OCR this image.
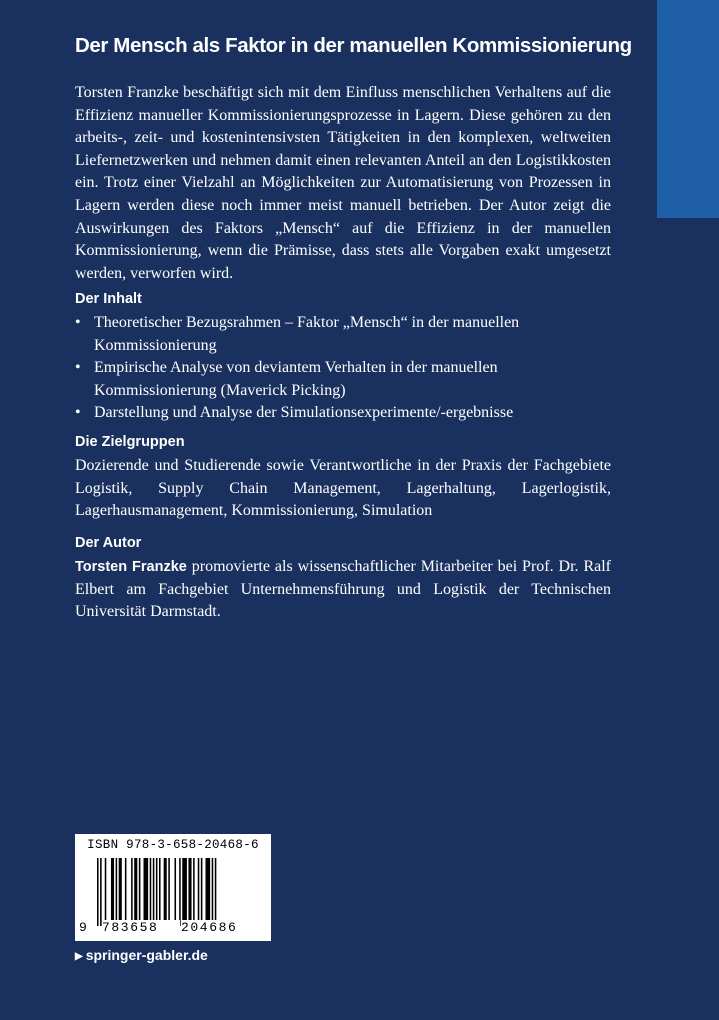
Der Mensch als Faktor in der manuellen Kommissionierung
Torsten Franzke beschäftigt sich mit dem Einfluss menschlichen Verhaltens auf die Effizienz manueller Kommissionierungsprozesse in Lagern. Diese gehören zu den arbeits-, zeit- und kostenintensivsten Tätigkeiten in den komplexen, weltweiten Liefernetzwerken und nehmen damit einen relevanten Anteil an den Logistikkosten ein. Trotz einer Vielzahl an Möglichkeiten zur Automatisierung von Prozessen in Lagern werden diese noch immer meist manuell betrieben. Der Autor zeigt die Auswirkungen des Faktors „Mensch“ auf die Effizienz in der manuellen Kommissionierung, wenn die Prämisse, dass stets alle Vorgaben exakt umgesetzt werden, verworfen wird.
Der Inhalt
• Theoretischer Bezugsrahmen – Faktor „Mensch“ in der manuellen Kommissionierung
• Empirische Analyse von deviantem Verhalten in der manuellen Kommissionierung (Maverick Picking)
• Darstellung und Analyse der Simulationsexperimente/-ergebnisse
Die Zielgruppen
Dozierende und Studierende sowie Verantwortliche in der Praxis der Fachgebiete Logistik, Supply Chain Management, Lagerhaltung, Lagerlogistik, Lagerhausmanagement, Kommissionierung, Simulation
Der Autor
Torsten Franzke promovierte als wissenschaftlicher Mitarbeiter bei Prof. Dr. Ralf Elbert am Fachgebiet Unternehmensführung und Logistik der Technischen Universität Darmstadt.
ISBN 978-3-658-20468-6
9 783658	204686
▶ springer-gabler.de
